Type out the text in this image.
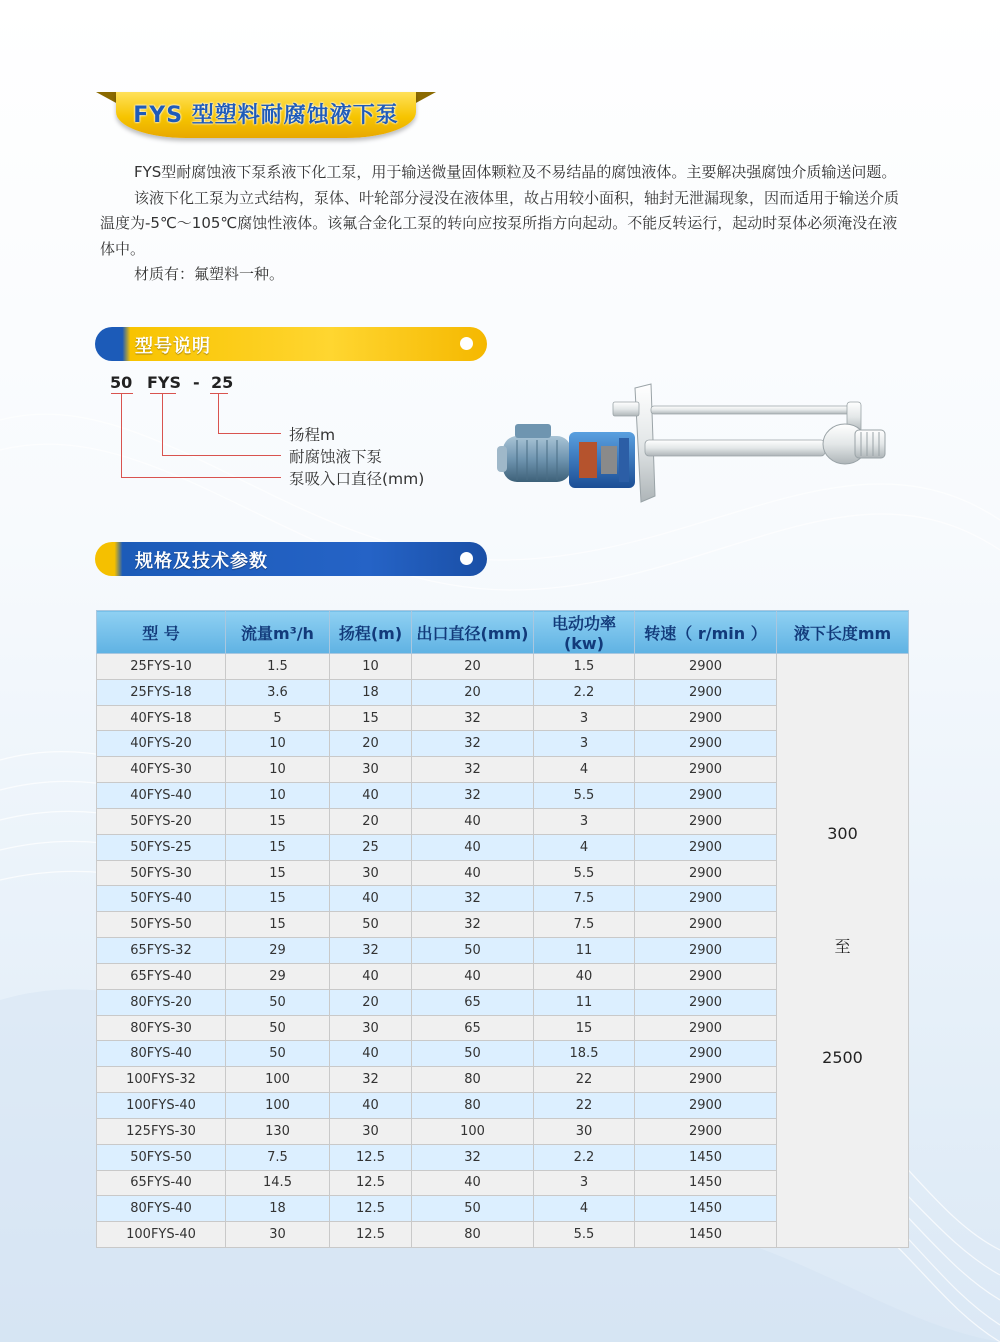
FYS 型塑料耐腐蚀液下泵

FYS型耐腐蚀液下泵系液下化工泵，用于输送微量固体颗粒及不易结晶的腐蚀液体。主要解决强腐蚀介质输送问题。

该液下化工泵为立式结构，泵体、叶轮部分浸没在液体里，故占用较小面积，轴封无泄漏现象，因而适用于输送介质温度为-5℃～105℃腐蚀性液体。该氟合金化工泵的转向应按泵所指方向起动。不能反转运行，起动时泵体必须淹没在液体中。

材质有：氟塑料一种。

型号说明
50 FYS - 25
扬程m
耐腐蚀液下泵
泵吸入口直径(mm)
规格及技术参数
型 号	流量m³/h	扬程(m)	出口直径(mm)	电动功率(kw)	转速（ r/min ）	液下长度mm
25FYS-10	1.5	10	20	1.5	2900	300
至
2500

25FYS-18	3.6	18	20	2.2	2900	
40FYS-18	5	15	32	3	2900	
40FYS-20	10	20	32	3	2900	
40FYS-30	10	30	32	4	2900	
40FYS-40	10	40	32	5.5	2900	
50FYS-20	15	20	40	3	2900	
50FYS-25	15	25	40	4	2900	
50FYS-30	15	30	40	5.5	2900	
50FYS-40	15	40	32	7.5	2900	
50FYS-50	15	50	32	7.5	2900	
65FYS-32	29	32	50	11	2900	
65FYS-40	29	40	40	40	2900	
80FYS-20	50	20	65	11	2900	
80FYS-30	50	30	65	15	2900	
80FYS-40	50	40	50	18.5	2900	
100FYS-32	100	32	80	22	2900	
100FYS-40	100	40	80	22	2900	
125FYS-30	130	30	100	30	2900	
50FYS-50	7.5	12.5	32	2.2	1450	
65FYS-40	14.5	12.5	40	3	1450	
80FYS-40	18	12.5	50	4	1450	
100FYS-40	30	12.5	80	5.5	1450	
